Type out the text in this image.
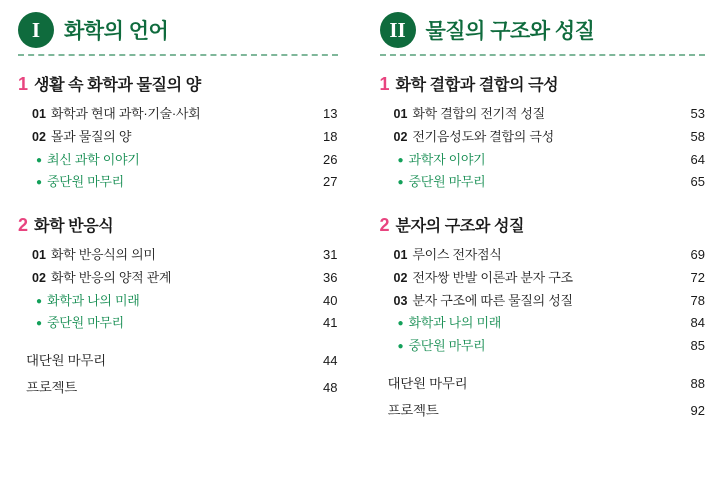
I	화학의 언어
1 생활 속 화학과 물질의 양
01 화학과 현대 과학·기술·사회	13
02 몰과 물질의 양	18
● 최신 과학 이야기	26
● 중단원 마무리	27
2 화학 반응식
01 화학 반응식의 의미	31
02 화학 반응의 양적 관계	36
● 화학과 나의 미래	40
● 중단원 마무리	41
대단원 마무리	44
프로젝트	48
II 물질의 구조와 성질
1 화학 결합과 결합의 극성
01 화학 결합의 전기적 성질	53
02 전기음성도와 결합의 극성	58
● 과학자 이야기	64
● 중단원 마무리	65
2 분자의 구조와 성질
01 루이스 전자점식	69
02 전자쌍 반발 이론과 분자 구조	72
03 분자 구조에 따른 물질의 성질	78
● 화학과 나의 미래	84
● 중단원 마무리	85
대단원 마무리	88
프로젝트	92
